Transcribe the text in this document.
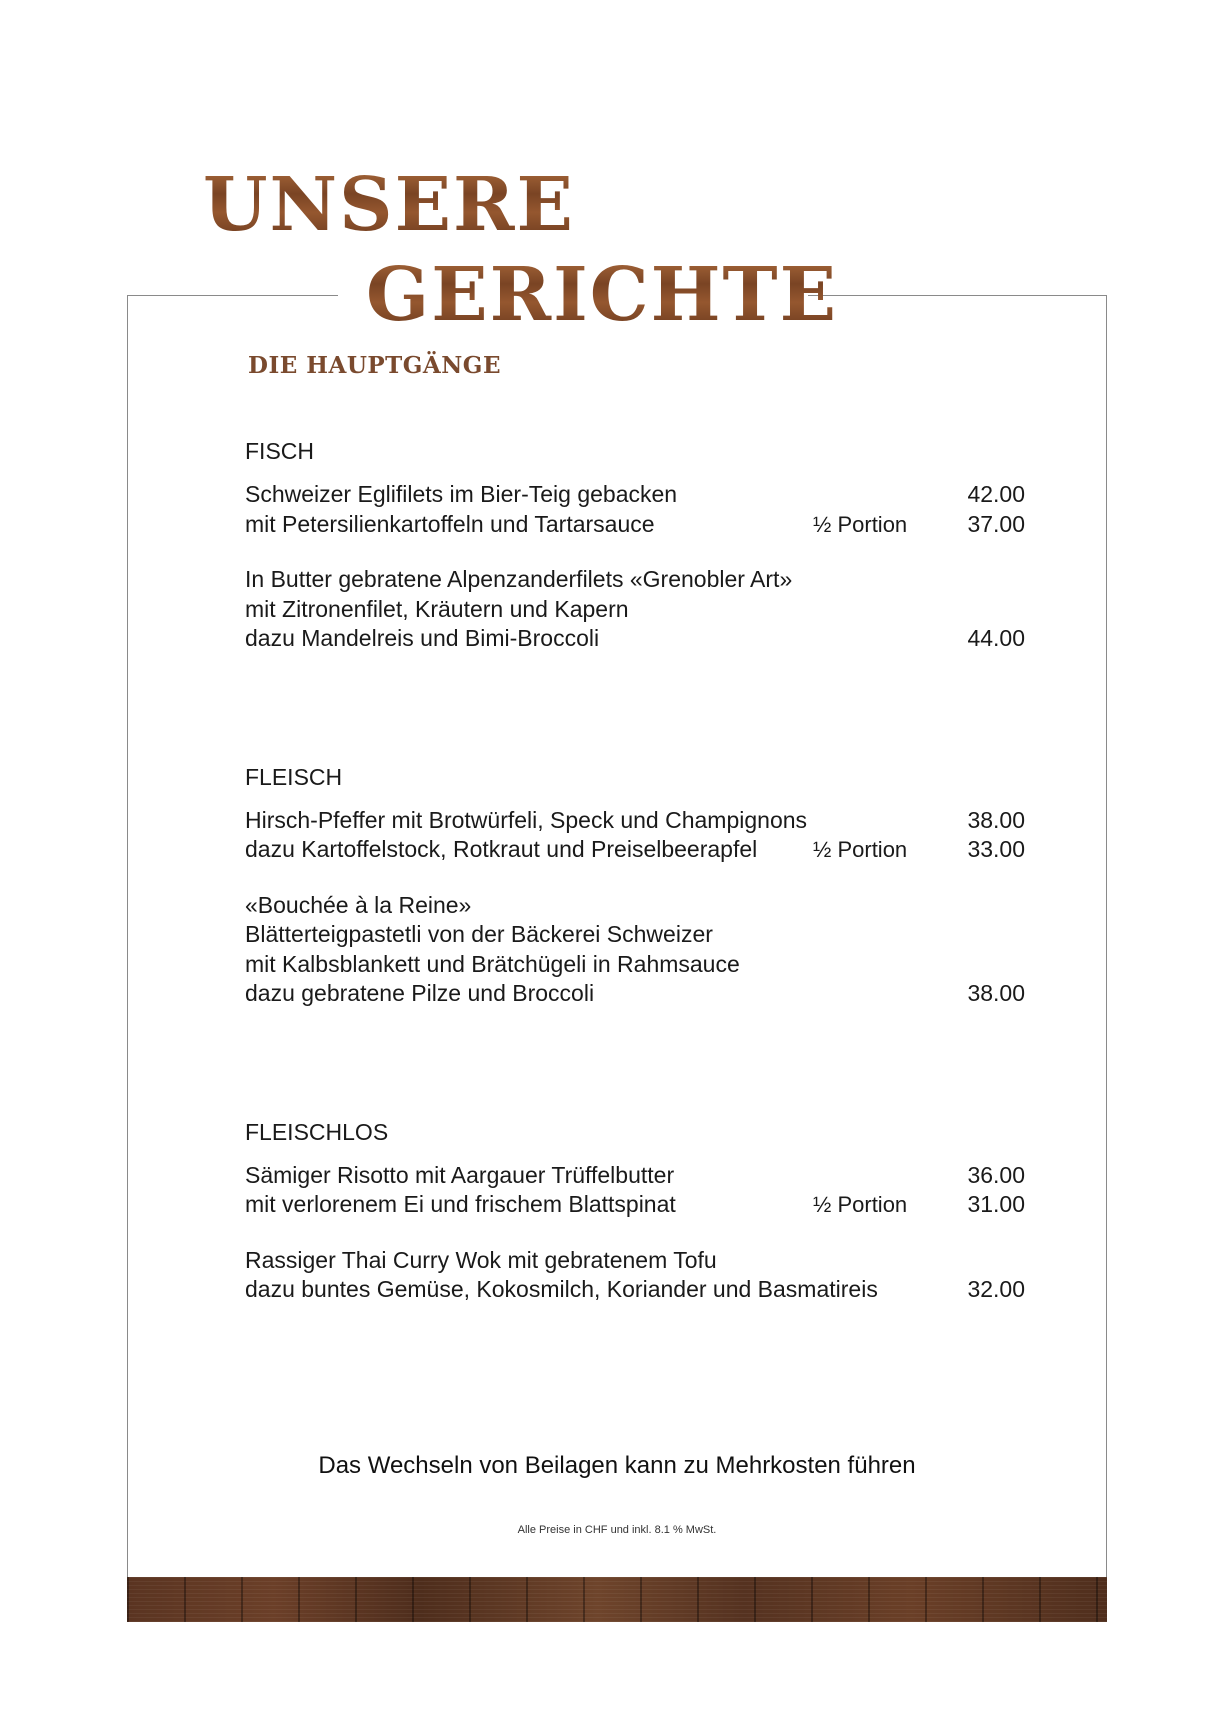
UNSERE
GERICHTE
DIE HAUPTGÄNGE
FISCH
Schweizer Eglifilets im Bier-Teig gebacken	42.00
mit Petersilienkartoffeln und Tartarsauce	½ Portion	37.00
In Butter gebratene Alpenzanderfilets «Grenobler Art»
mit Zitronenfilet, Kräutern und Kapern
dazu Mandelreis und Bimi-Broccoli	44.00
FLEISCH
Hirsch-Pfeffer mit Brotwürfeli, Speck und Champignons	38.00
dazu Kartoffelstock, Rotkraut und Preiselbeerapfel	½ Portion	33.00
«Bouchée à la Reine»
Blätterteigpastetli von der Bäckerei Schweizer
mit Kalbsblankett und Brätchügeli in Rahmsauce
dazu gebratene Pilze und Broccoli	38.00
FLEISCHLOS
Sämiger Risotto mit Aargauer Trüffelbutter	36.00
mit verlorenem Ei und frischem Blattspinat	½ Portion	31.00
Rassiger Thai Curry Wok mit gebratenem Tofu
dazu buntes Gemüse, Kokosmilch, Koriander und Basmatireis	32.00
Das Wechseln von Beilagen kann zu Mehrkosten führen
Alle Preise in CHF und inkl. 8.1 % MwSt.
